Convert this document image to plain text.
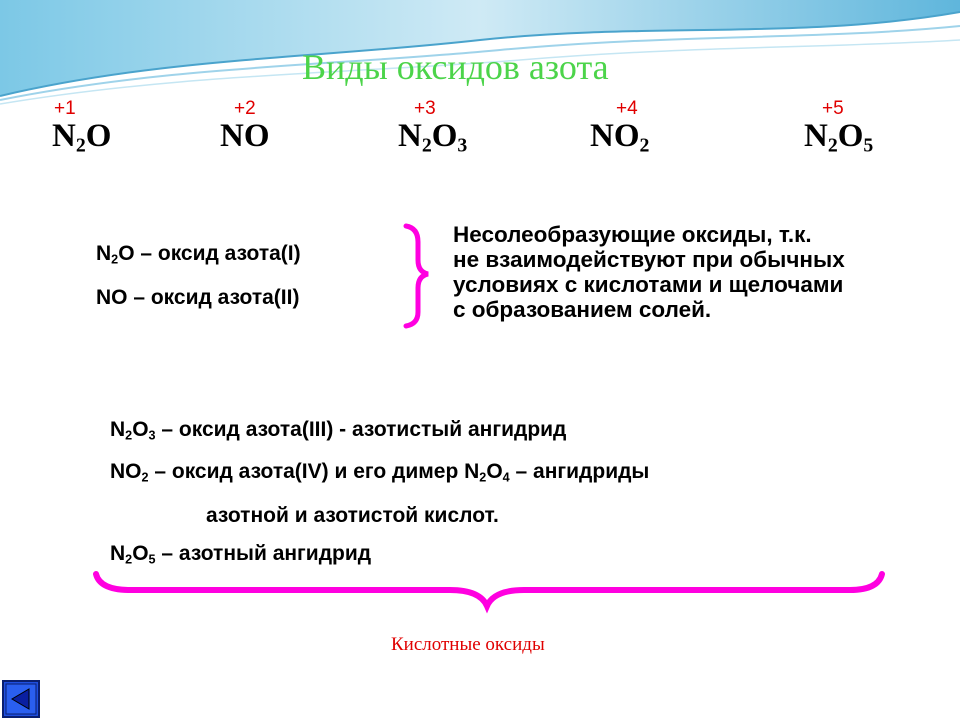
Виды оксидов азота
+1
$N_2O$
+2
NO
+3
$N_2O_3$
+4
$NO_2$
+5
$N_2O_5$
$N_2O$ – оксид азота(I)
NO – оксид азота(II)
Несолеобразующие оксиды, т.к.
не взаимодействуют при обычных
условиях с кислотами и щелочами
с образованием солей.
$N_2O_3$ – оксид азота(III) - азотистый ангидрид
$NO_2$ – оксид азота(IV) и его димер $N_2O_4$ – ангидриды
азотной и азотистой кислот.
$N_2O_5$ – азотный ангидрид
Кислотные оксиды
